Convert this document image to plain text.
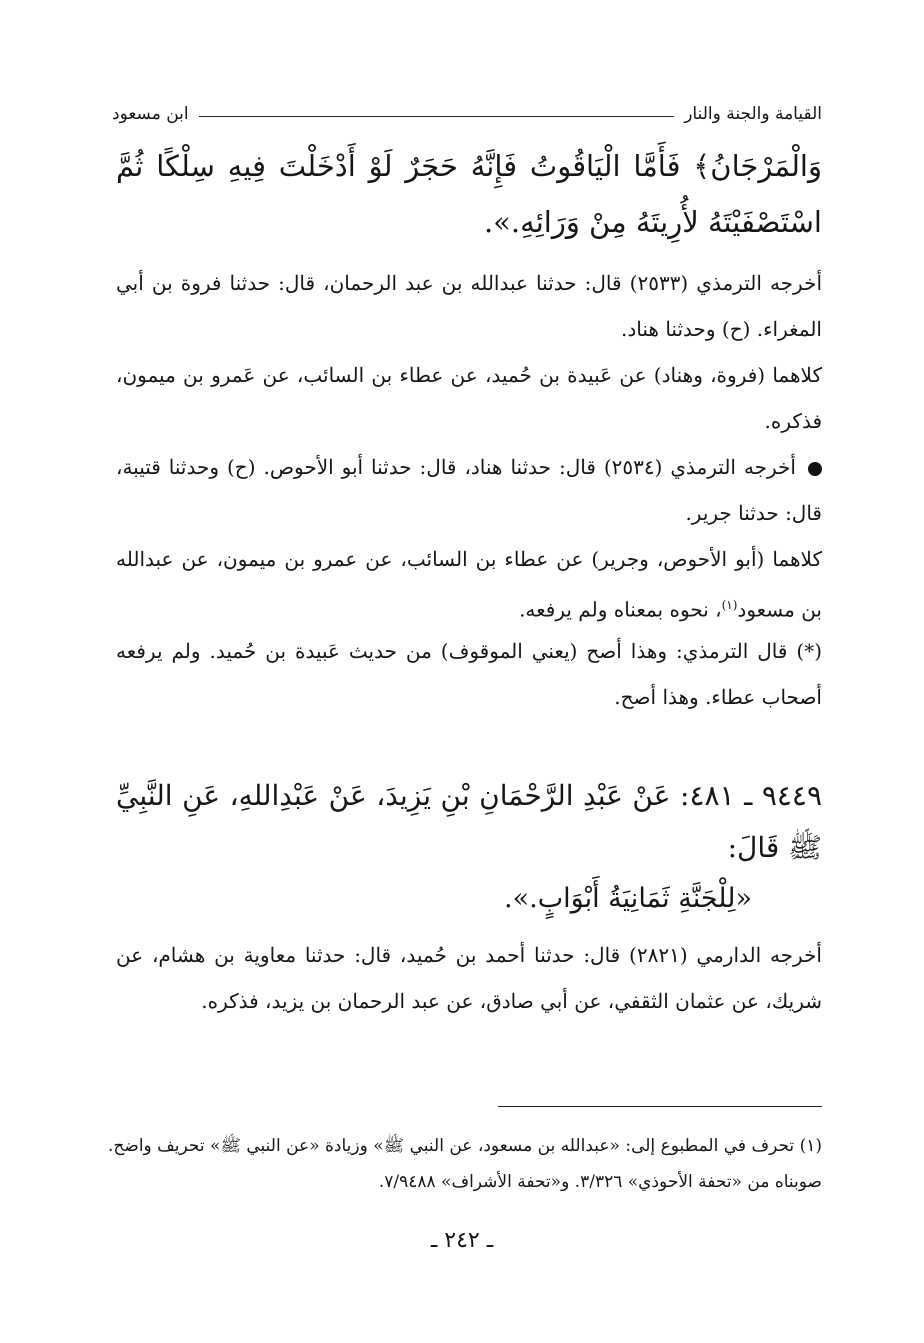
القيامة والجنة والنار
ابن مسعود
وَالْمَرْجَانُ﴾ فَأَمَّا الْيَاقُوتُ فَإِنَّهُ حَجَرٌ لَوْ أَدْخَلْتَ فِيهِ سِلْكًا ثُمَّ اسْتَصْفَيْتَهُ لأُرِيتَهُ مِنْ وَرَائِهِ.».
أخرجه الترمذي (٢٥٣٣) قال: حدثنا عبدالله بن عبد الرحمان، قال: حدثنا فروة بن أبي المغراء. (ح) وحدثنا هناد.
كلاهما (فروة، وهناد) عن عَبيدة بن حُميد، عن عطاء بن السائب، عن عَمرو بن ميمون، فذكره.
أخرجه الترمذي (٢٥٣٤) قال: حدثنا هناد، قال: حدثنا أبو الأحوص. (ح) وحدثنا قتيبة، قال: حدثنا جرير.
كلاهما (أبو الأحوص، وجرير) عن عطاء بن السائب، عن عمرو بن ميمون، عن عبدالله بن مسعود$^{(١)}$، نحوه بمعناه ولم يرفعه.
(*) قال الترمذي: وهذا أصح (يعني الموقوف) من حديث عَبيدة بن حُميد. ولم يرفعه أصحاب عطاء. وهذا أصح.
٩٤٤٩ ـ ٤٨١: عَنْ عَبْدِ الرَّحْمَانِ بْنِ يَزِيدَ، عَنْ عَبْدِاللهِ، عَنِ النَّبِيِّ ﷺ قَالَ:
«لِلْجَنَّةِ ثَمَانِيَةُ أَبْوَابٍ.».
أخرجه الدارمي (٢٨٢١) قال: حدثنا أحمد بن حُميد، قال: حدثنا معاوية بن هشام، عن شريك، عن عثمان الثقفي، عن أبي صادق، عن عبد الرحمان بن يزيد، فذكره.
(١) تحرف في المطبوع إلى: «عبدالله بن مسعود، عن النبي ﷺ» وزيادة «عن النبي ﷺ» تحريف واضح. صوبناه من «تحفة الأحوذي» ٣/٣٢٦. و«تحفة الأشراف» ٧/٩٤٨٨.
ـ ٢٤٢ ـ
